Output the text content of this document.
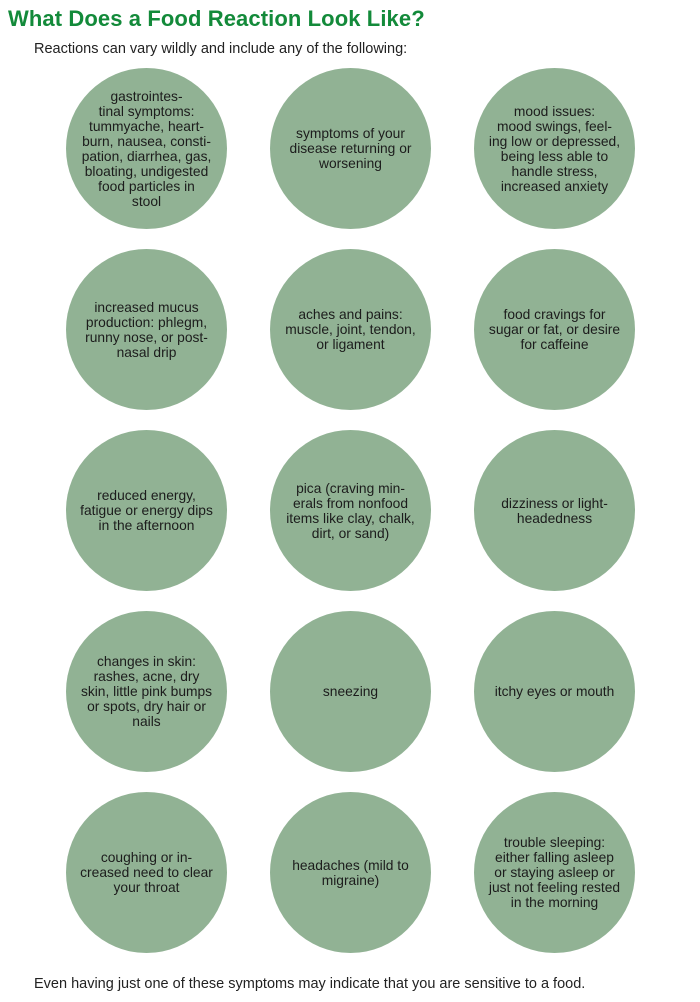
What Does a Food Reaction Look Like?

Reactions can vary wildly and include any of the following:

gastrointes-
tinal symptoms:
tummyache, heart-
burn, nausea, consti-
pation, diarrhea, gas,
bloating, undigested
food particles in
stool
symptoms of your
disease returning or
worsening
mood issues:
mood swings, feel-
ing low or depressed,
being less able to
handle stress,
increased anxiety
increased mucus
production: phlegm,
runny nose, or post-
nasal drip
aches and pains:
muscle, joint, tendon,
or ligament
food cravings for
sugar or fat, or desire
for caffeine
reduced energy,
fatigue or energy dips
in the afternoon
pica (craving min-
erals from nonfood
items like clay, chalk,
dirt, or sand)
dizziness or light-
headedness
changes in skin:
rashes, acne, dry
skin, little pink bumps
or spots, dry hair or
nails
sneezing	itchy eyes or mouth
coughing or in-
creased need to clear
your throat
headaches (mild to
migraine)
trouble sleeping:
either falling asleep
or staying asleep or
just not feeling rested
in the morning

Even having just one of these symptoms may indicate that you are sensitive to a food.
